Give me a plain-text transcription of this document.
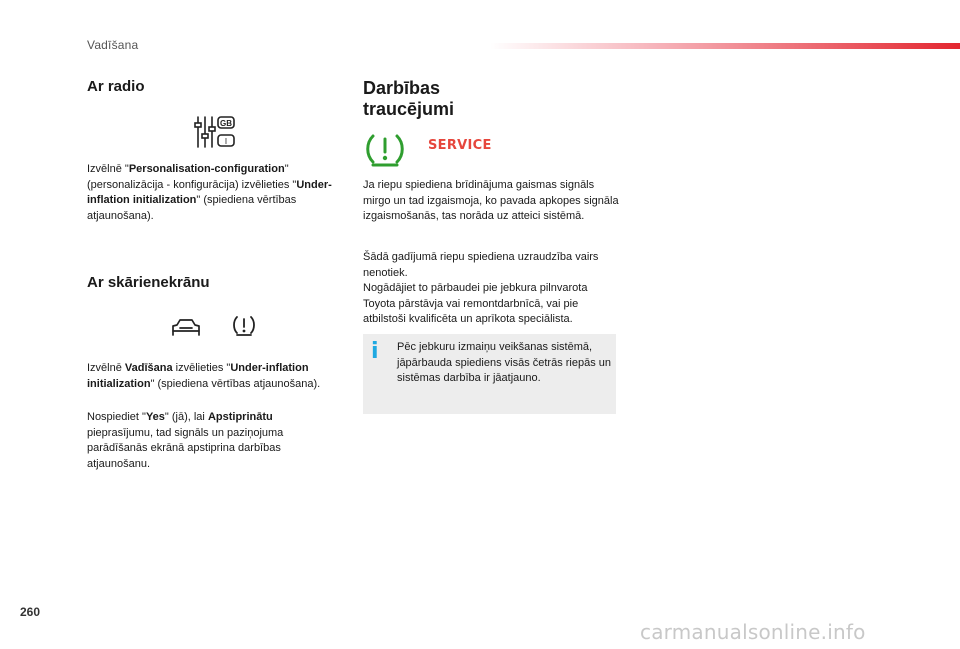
Vadīšana
Ar radio
GB
I
Izvēlnē "Personalisation-configuration" (personalizācija - konfigurācija) izvēlieties "Under-inflation initialization" (spiediena vērtības atjaunošana).
Ar skārienekrānu
Izvēlnē Vadīšana izvēlieties "Under-inflation initialization" (spiediena vērtības atjaunošana).
Nospiediet "Yes" (jā), lai Apstiprinātu pieprasījumu, tad signāls un paziņojuma parādīšanās ekrānā apstiprina darbības atjaunošanu.
Darbības
traucējumi
SERVICE
Ja riepu spiediena brīdinājuma gaismas signāls mirgo un tad izgaismoja, ko pavada apkopes signāla izgaismošanās, tas norāda uz atteici sistēmā.
Šādā gadījumā riepu spiediena uzraudzība vairs nenotiek.
Nogādājiet to pārbaudei pie jebkura pilnvarota Toyota pārstāvja vai remontdarbnīcā, vai pie atbilstoši kvalificēta un aprīkota speciālista.
i Pēc jebkuru izmaiņu veikšanas sistēmā, jāpārbauda spiediens visās četrās riepās un sistēmas darbība ir jāatjauno.
260
carmanualsonline.info
